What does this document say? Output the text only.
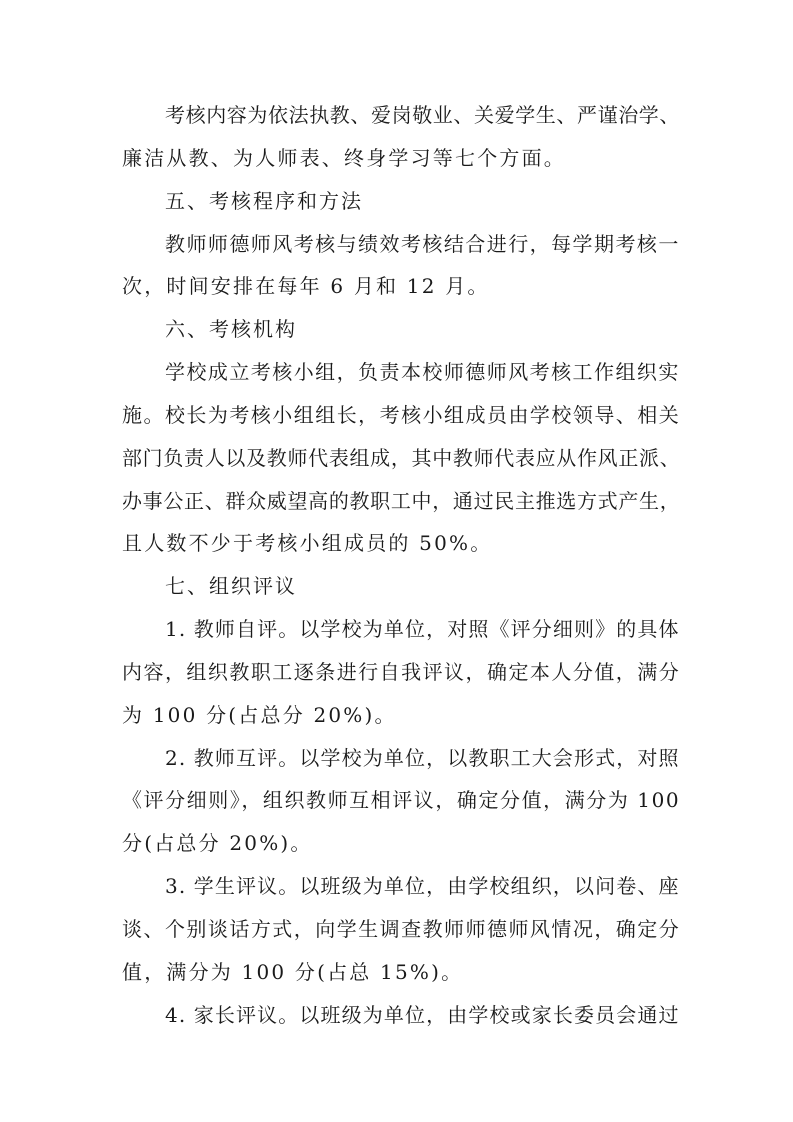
考核内容为依法执教、爱岗敬业、关爱学生、严谨治学、
廉洁从教、为人师表、终身学习等七个方面。
五、考核程序和方法
教师师德师风考核与绩效考核结合进行，每学期考核一
次，时间安排在每年 6 月和 12 月。
六、考核机构
学校成立考核小组，负责本校师德师风考核工作组织实
施。校长为考核小组组长，考核小组成员由学校领导、相关
部门负责人以及教师代表组成，其中教师代表应从作风正派、
办事公正、群众威望高的教职工中，通过民主推选方式产生，
且人数不少于考核小组成员的 50%。
七、组织评议
1. 教师自评。以学校为单位，对照《评分细则》的具体
内容，组织教职工逐条进行自我评议，确定本人分值，满分
为 100 分(占总分 20%)。
2. 教师互评。以学校为单位，以教职工大会形式，对照
《评分细则》，组织教师互相评议，确定分值，满分为 100
分(占总分 20%)。
3. 学生评议。以班级为单位，由学校组织，以问卷、座
谈、个别谈话方式，向学生调查教师师德师风情况，确定分
值，满分为 100 分(占总 15%)。
4. 家长评议。以班级为单位，由学校或家长委员会通过
